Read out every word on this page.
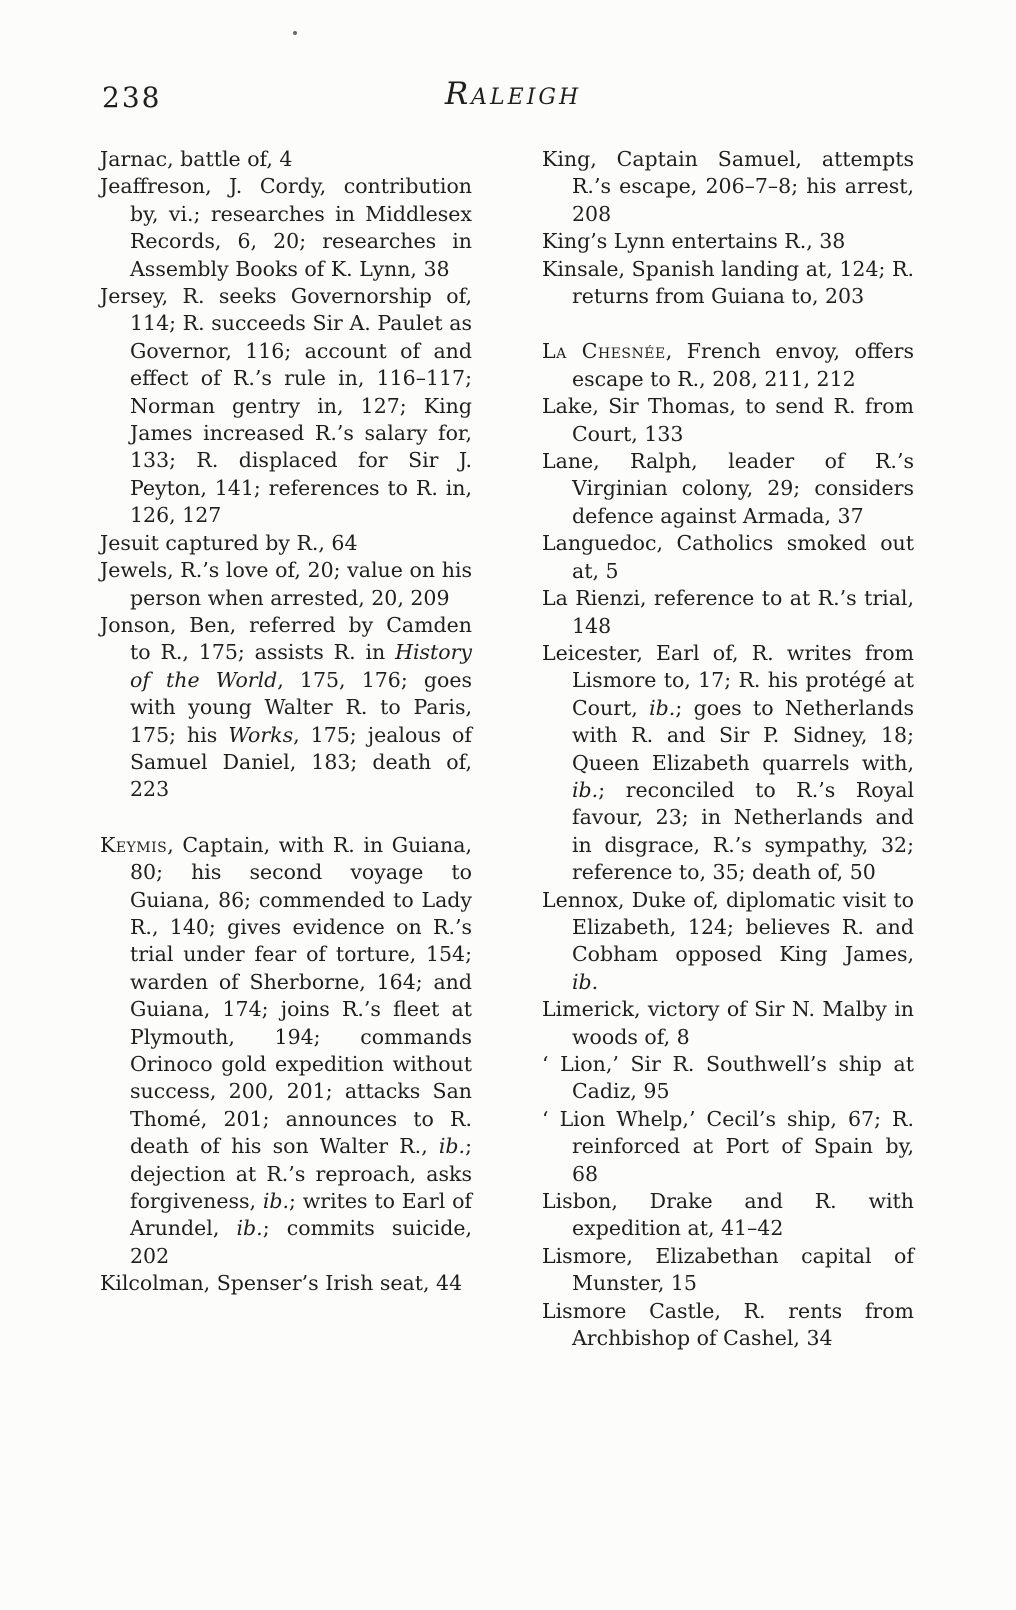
238	Raleigh

Jarnac, battle of, 4

Jeaffreson, J. Cordy, contribution by, vi.; researches in Middlesex Records, 6, 20; researches in Assembly Books of K. Lynn, 38

Jersey, R. seeks Governorship of, 114; R. succeeds Sir A. Paulet as Governor, 116; account of and effect of R.’s rule in, 116–117; Norman gentry in, 127; King James increased R.’s salary for, 133; R. displaced for Sir J. Peyton, 141; references to R. in, 126, 127

Jesuit captured by R., 64

Jewels, R.’s love of, 20; value on his person when arrested, 20, 209

Jonson, Ben, referred by Camden to R., 175; assists R. in History of the World, 175, 176; goes with young Walter R. to Paris, 175; his Works, 175; jealous of Samuel Daniel, 183; death of, 223

Keymis, Captain, with R. in Guiana, 80; his second voyage to Guiana, 86; commended to Lady R., 140; gives evidence on R.’s trial under fear of torture, 154; warden of Sherborne, 164; and Guiana, 174; joins R.’s fleet at Plymouth, 194; commands Orinoco gold expedition without success, 200, 201; attacks San Thomé, 201; announces to R. death of his son Walter R., ib.; dejection at R.’s reproach, asks forgiveness, ib.; writes to Earl of Arundel, ib.; commits suicide, 202

Kilcolman, Spenser’s Irish seat, 44

King, Captain Samuel, attempts R.’s escape, 206–7–8; his arrest, 208

King’s Lynn entertains R., 38

Kinsale, Spanish landing at, 124; R. returns from Guiana to, 203

La Chesnée, French envoy, offers escape to R., 208, 211, 212

Lake, Sir Thomas, to send R. from Court, 133

Lane, Ralph, leader of R.’s Virginian colony, 29; considers defence against Armada, 37

Languedoc, Catholics smoked out at, 5

La Rienzi, reference to at R.’s trial, 148

Leicester, Earl of, R. writes from Lismore to, 17; R. his protégé at Court, ib.; goes to Netherlands with R. and Sir P. Sidney, 18; Queen Elizabeth quarrels with, ib.; reconciled to R.’s Royal favour, 23; in Netherlands and in disgrace, R.’s sympathy, 32; reference to, 35; death of, 50

Lennox, Duke of, diplomatic visit to Elizabeth, 124; believes R. and Cobham opposed King James, ib.

Limerick, victory of Sir N. Malby in woods of, 8

‘ Lion,’ Sir R. Southwell’s ship at Cadiz, 95

‘ Lion Whelp,’ Cecil’s ship, 67; R. reinforced at Port of Spain by, 68

Lisbon, Drake and R. with expedition at, 41–42

Lismore, Elizabethan capital of Munster, 15

Lismore Castle, R. rents from Archbishop of Cashel, 34
